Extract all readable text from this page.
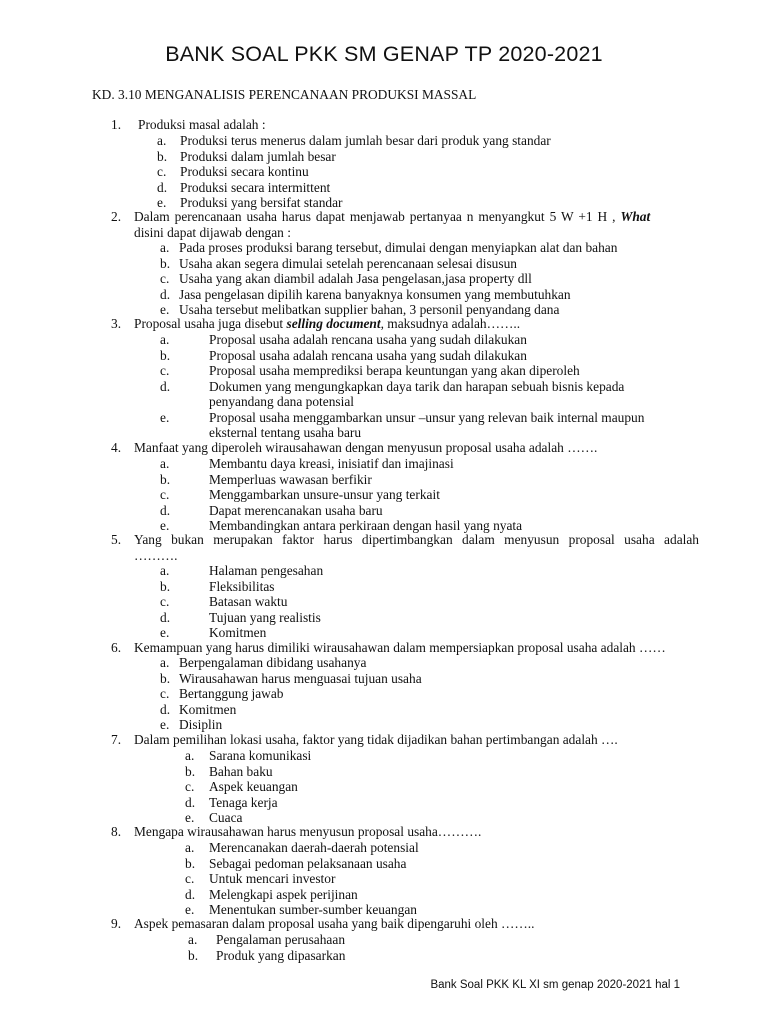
BANK SOAL PKK SM GENAP TP 2020-2021
KD. 3.10 MENGANALISIS PERENCANAAN PRODUKSI MASSAL
1. Produksi masal adalah :
2. Dalam perencanaan usaha harus dapat menjawab pertanyaa n menyangkut 5 W +1 H , What
disini dapat dijawab dengan :
3. Proposal usaha juga disebut selling document, maksudnya adalah……..
4. Manfaat yang diperoleh wirausahawan dengan menyusun proposal usaha adalah …….
5. Yang bukan merupakan faktor harus dipertimbangkan dalam menyusun proposal usaha adalah
……….
6. Kemampuan yang harus dimiliki wirausahawan dalam mempersiapkan proposal usaha adalah ……
7. Dalam pemilihan lokasi usaha, faktor yang tidak dijadikan bahan pertimbangan adalah ….
8. Mengapa wirausahawan harus menyusun proposal usaha……….
9. Aspek pemasaran dalam proposal usaha yang baik dipengaruhi oleh ……..
a. Produksi terus menerus dalam jumlah besar dari produk yang standar
b. Produksi dalam jumlah besar
c. Produksi secara kontinu
d. Produksi secara intermittent
e. Produksi yang bersifat standar
a. Pada proses produksi barang tersebut, dimulai dengan menyiapkan alat dan bahan
b. Usaha akan segera dimulai setelah perencanaan selesai disusun
c. Usaha yang akan diambil adalah Jasa pengelasan,jasa property dll
d. Jasa pengelasan dipilih karena banyaknya konsumen yang membutuhkan
e. Usaha tersebut melibatkan supplier bahan, 3 personil penyandang dana
a.	Proposal usaha adalah rencana usaha yang sudah dilakukan
b.	Proposal usaha adalah rencana usaha yang sudah dilakukan
c.	Proposal usaha memprediksi berapa keuntungan yang akan diperoleh
d.	Dokumen yang mengungkapkan daya tarik dan harapan sebuah bisnis kepada
penyandang dana potensial
e.	Proposal usaha menggambarkan unsur –unsur yang relevan baik internal maupun
eksternal tentang usaha baru
a.	Membantu daya kreasi, inisiatif dan imajinasi
b.	Memperluas wawasan berfikir
c.	Menggambarkan unsure-unsur yang terkait
d.	Dapat merencanakan usaha baru
e.	Membandingkan antara perkiraan dengan hasil yang nyata
a.	Halaman pengesahan
b.	Fleksibilitas
c.	Batasan waktu
d.	Tujuan yang realistis
e.	Komitmen
a. Berpengalaman dibidang usahanya
b. Wirausahawan harus menguasai tujuan usaha
c. Bertanggung jawab
d. Komitmen
e. Disiplin
a. Sarana komunikasi
b. Bahan baku
c. Aspek keuangan
d. Tenaga kerja
e. Cuaca
a. Merencanakan daerah-daerah potensial
b. Sebagai pedoman pelaksanaan usaha
c. Untuk mencari investor
d. Melengkapi aspek perijinan
e. Menentukan sumber-sumber keuangan
a. Pengalaman perusahaan
b. Produk yang dipasarkan
Bank Soal PKK KL XI sm genap 2020-2021 hal 1
